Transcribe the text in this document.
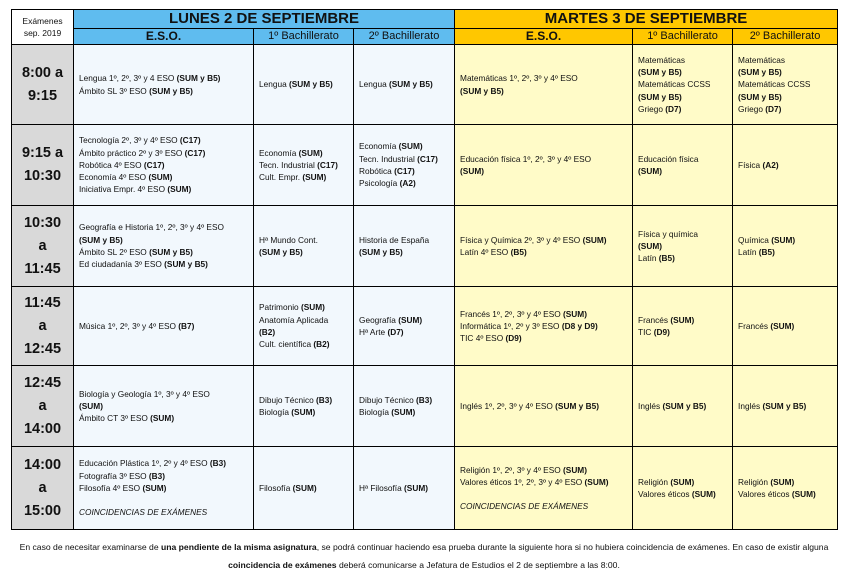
Exámenes
sep. 2019	LUNES 2 DE SEPTIEMBRE			MARTES 3 DE SEPTIEMBRE		
	E.S.O.	1º Bachillerato	2º Bachillerato	E.S.O.	1º Bachillerato	2º Bachillerato

8:00 a
9:15	Lengua 1º, 2º, 3º y 4 ESO (SUM y B5)
Ámbito SL 3º ESO (SUM y B5)	Lengua (SUM y B5)	Lengua (SUM y B5)	Matemáticas 1º, 2º, 3º y 4º ESO
(SUM y B5)	Matemáticas
(SUM y B5)
Matemáticas CCSS
(SUM y B5)
Griego (D7)	Matemáticas
(SUM y B5)
Matemáticas CCSS
(SUM y B5)
Griego (D7)

9:15 a
10:30	Tecnología 2º, 3º y 4º ESO (C17)
Ámbito práctico 2º y 3º ESO (C17)
Robótica 4º ESO (C17)
Economía 4º ESO (SUM)
Iniciativa Empr. 4º ESO (SUM)	Economía (SUM)
Tecn. Industrial (C17)
Cult. Empr. (SUM)	Economía (SUM)
Tecn. Industrial (C17)
Robótica (C17)
Psicología (A2)	Educación física 1º, 2º, 3º y 4º ESO
(SUM)	Educación física
(SUM)	Física (A2)

10:30
a
11:45	Geografía e Historia 1º, 2º, 3º y 4º ESO
(SUM y B5)
Ámbito SL 2º ESO (SUM y B5)
Ed ciudadanía 3º ESO (SUM y B5)	Hª Mundo Cont.
(SUM y B5)	Historia de España
(SUM y B5)	Física y Química 2º, 3º y 4º ESO (SUM)
Latín 4º ESO (B5)	Física y química
(SUM)
Latín (B5)	Química (SUM)
Latín (B5)

11:45
a
12:45	Música 1º, 2º, 3º y 4º ESO (B7)	Patrimonio (SUM)
Anatomía Aplicada
(B2)
Cult. científica (B2)	Geografía (SUM)
Hª Arte (D7)	Francés 1º, 2º, 3º y 4º ESO (SUM)
Informática 1º, 2º y 3º ESO (D8 y D9)
TIC 4º ESO (D9)	Francés (SUM)
TIC (D9)	Francés (SUM)

12:45
a
14:00	Biología y Geología 1º, 3º y 4º ESO
(SUM)
Ámbito CT 3º ESO (SUM)	Dibujo Técnico (B3)
Biología (SUM)	Dibujo Técnico (B3)
Biología (SUM)	Inglés 1º, 2º, 3º y 4º ESO (SUM y B5)	Inglés (SUM y B5)	Inglés (SUM y B5)

14:00
a
15:00	Educación Plástica 1º, 2º y 4º ESO (B3)
Fotografía 3º ESO (B3)
Filosofía 4º ESO (SUM)
COINCIDENCIAS DE EXÁMENES	Filosofía (SUM)	Hª Filosofía (SUM)	Religión 1º, 2º, 3º y 4º ESO (SUM)
Valores éticos 1º, 2º, 3º y 4º ESO (SUM)
COINCIDENCIAS DE EXÁMENES	Religión (SUM)
Valores éticos (SUM)	Religión (SUM)
Valores éticos (SUM)
En caso de necesitar examinarse de una pendiente de la misma asignatura, se podrá continuar haciendo esa prueba durante la siguiente hora si no hubiera coincidencia de exámenes. En caso de existir alguna coincidencia de exámenes deberá comunicarse a Jefatura de Estudios el 2 de septiembre a las 8:00.
